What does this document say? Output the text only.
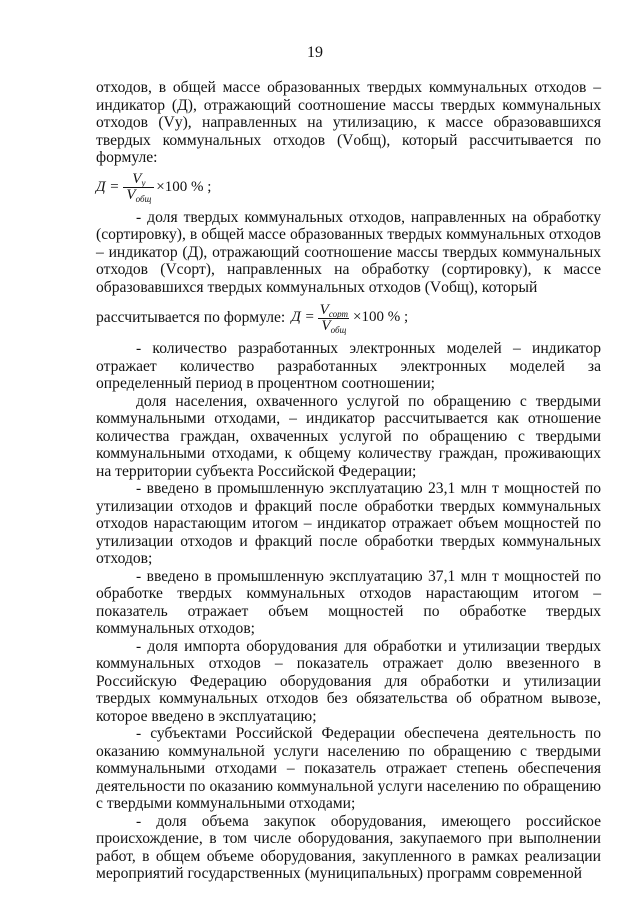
19

отходов, в общей массе образованных твердых коммунальных отходов – индикатор (Д), отражающий соотношение массы твердых коммунальных отходов (Vу), направленных на утилизацию, к массе образовавшихся твердых коммунальных отходов (Vобщ), который рассчитывается по формуле:

$Д = \frac{V_у}{V_{общ}} \times 100$ % ;

- доля твердых коммунальных отходов, направленных на обработку (сортировку), в общей массе образованных твердых коммунальных отходов – индикатор (Д), отражающий соотношение массы твердых коммунальных отходов (Vсорт), направленных на обработку (сортировку), к массе образовавшихся твердых коммунальных отходов (Vобщ), который

рассчитывается по формуле: $Д = \frac{V_{сорт}}{V_{общ}} \times 100$ % ;

- количество разработанных электронных моделей – индикатор отражает количество разработанных электронных моделей за определенный период в процентном соотношении;

доля населения, охваченного услугой по обращению с твердыми коммунальными отходами, – индикатор рассчитывается как отношение количества граждан, охваченных услугой по обращению с твердыми коммунальными отходами, к общему количеству граждан, проживающих на территории субъекта Российской Федерации;

- введено в промышленную эксплуатацию 23,1 млн т мощностей по утилизации отходов и фракций после обработки твердых коммунальных отходов нарастающим итогом – индикатор отражает объем мощностей по утилизации отходов и фракций после обработки твердых коммунальных отходов;

- введено в промышленную эксплуатацию 37,1 млн т мощностей по обработке твердых коммунальных отходов нарастающим итогом – показатель отражает объем мощностей по обработке твердых коммунальных отходов;

- доля импорта оборудования для обработки и утилизации твердых коммунальных отходов – показатель отражает долю ввезенного в Российскую Федерацию оборудования для обработки и утилизации твердых коммунальных отходов без обязательства об обратном вывозе, которое введено в эксплуатацию;

- субъектами Российской Федерации обеспечена деятельность по оказанию коммунальной услуги населению по обращению с твердыми коммунальными отходами – показатель отражает степень обеспечения деятельности по оказанию коммунальной услуги населению по обращению с твердыми коммунальными отходами;

- доля объема закупок оборудования, имеющего российское происхождение, в том числе оборудования, закупаемого при выполнении работ, в общем объеме оборудования, закупленного в рамках реализации мероприятий государственных (муниципальных) программ современной
